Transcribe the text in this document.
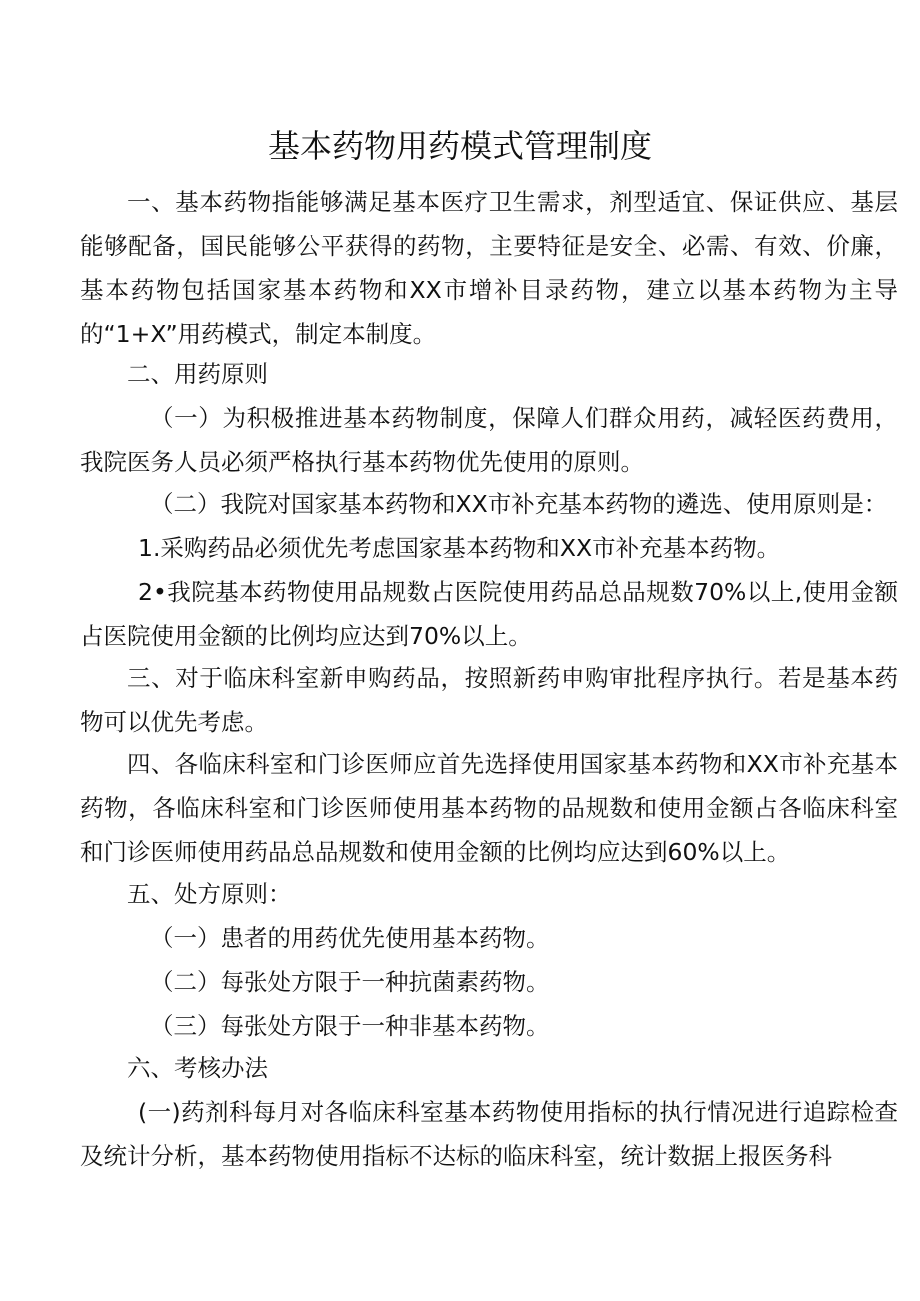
基本药物用药模式管理制度

一、基本药物指能够满足基本医疗卫生需求，剂型适宜、保证供应、基层能够配备，国民能够公平获得的药物，主要特征是安全、必需、有效、价廉，基本药物包括国家基本药物和XX市增补目录药物，建立以基本药物为主导的“1+X”用药模式，制定本制度。

二、用药原则

（一）为积极推进基本药物制度，保障人们群众用药，减轻医药费用，我院医务人员必须严格执行基本药物优先使用的原则。

（二）我院对国家基本药物和XX市补充基本药物的遴选、使用原则是：

1.采购药品必须优先考虑国家基本药物和XX市补充基本药物。

2•我院基本药物使用品规数占医院使用药品总品规数70%以上,使用金额占医院使用金额的比例均应达到70%以上。

三、对于临床科室新申购药品，按照新药申购审批程序执行。若是基本药物可以优先考虑。

四、各临床科室和门诊医师应首先选择使用国家基本药物和XX市补充基本药物，各临床科室和门诊医师使用基本药物的品规数和使用金额占各临床科室和门诊医师使用药品总品规数和使用金额的比例均应达到60%以上。

五、处方原则：

（一）患者的用药优先使用基本药物。

（二）每张处方限于一种抗菌素药物。

（三）每张处方限于一种非基本药物。

六、考核办法

(一)药剂科每月对各临床科室基本药物使用指标的执行情况进行追踪检查及统计分析，基本药物使用指标不达标的临床科室，统计数据上报医务科
